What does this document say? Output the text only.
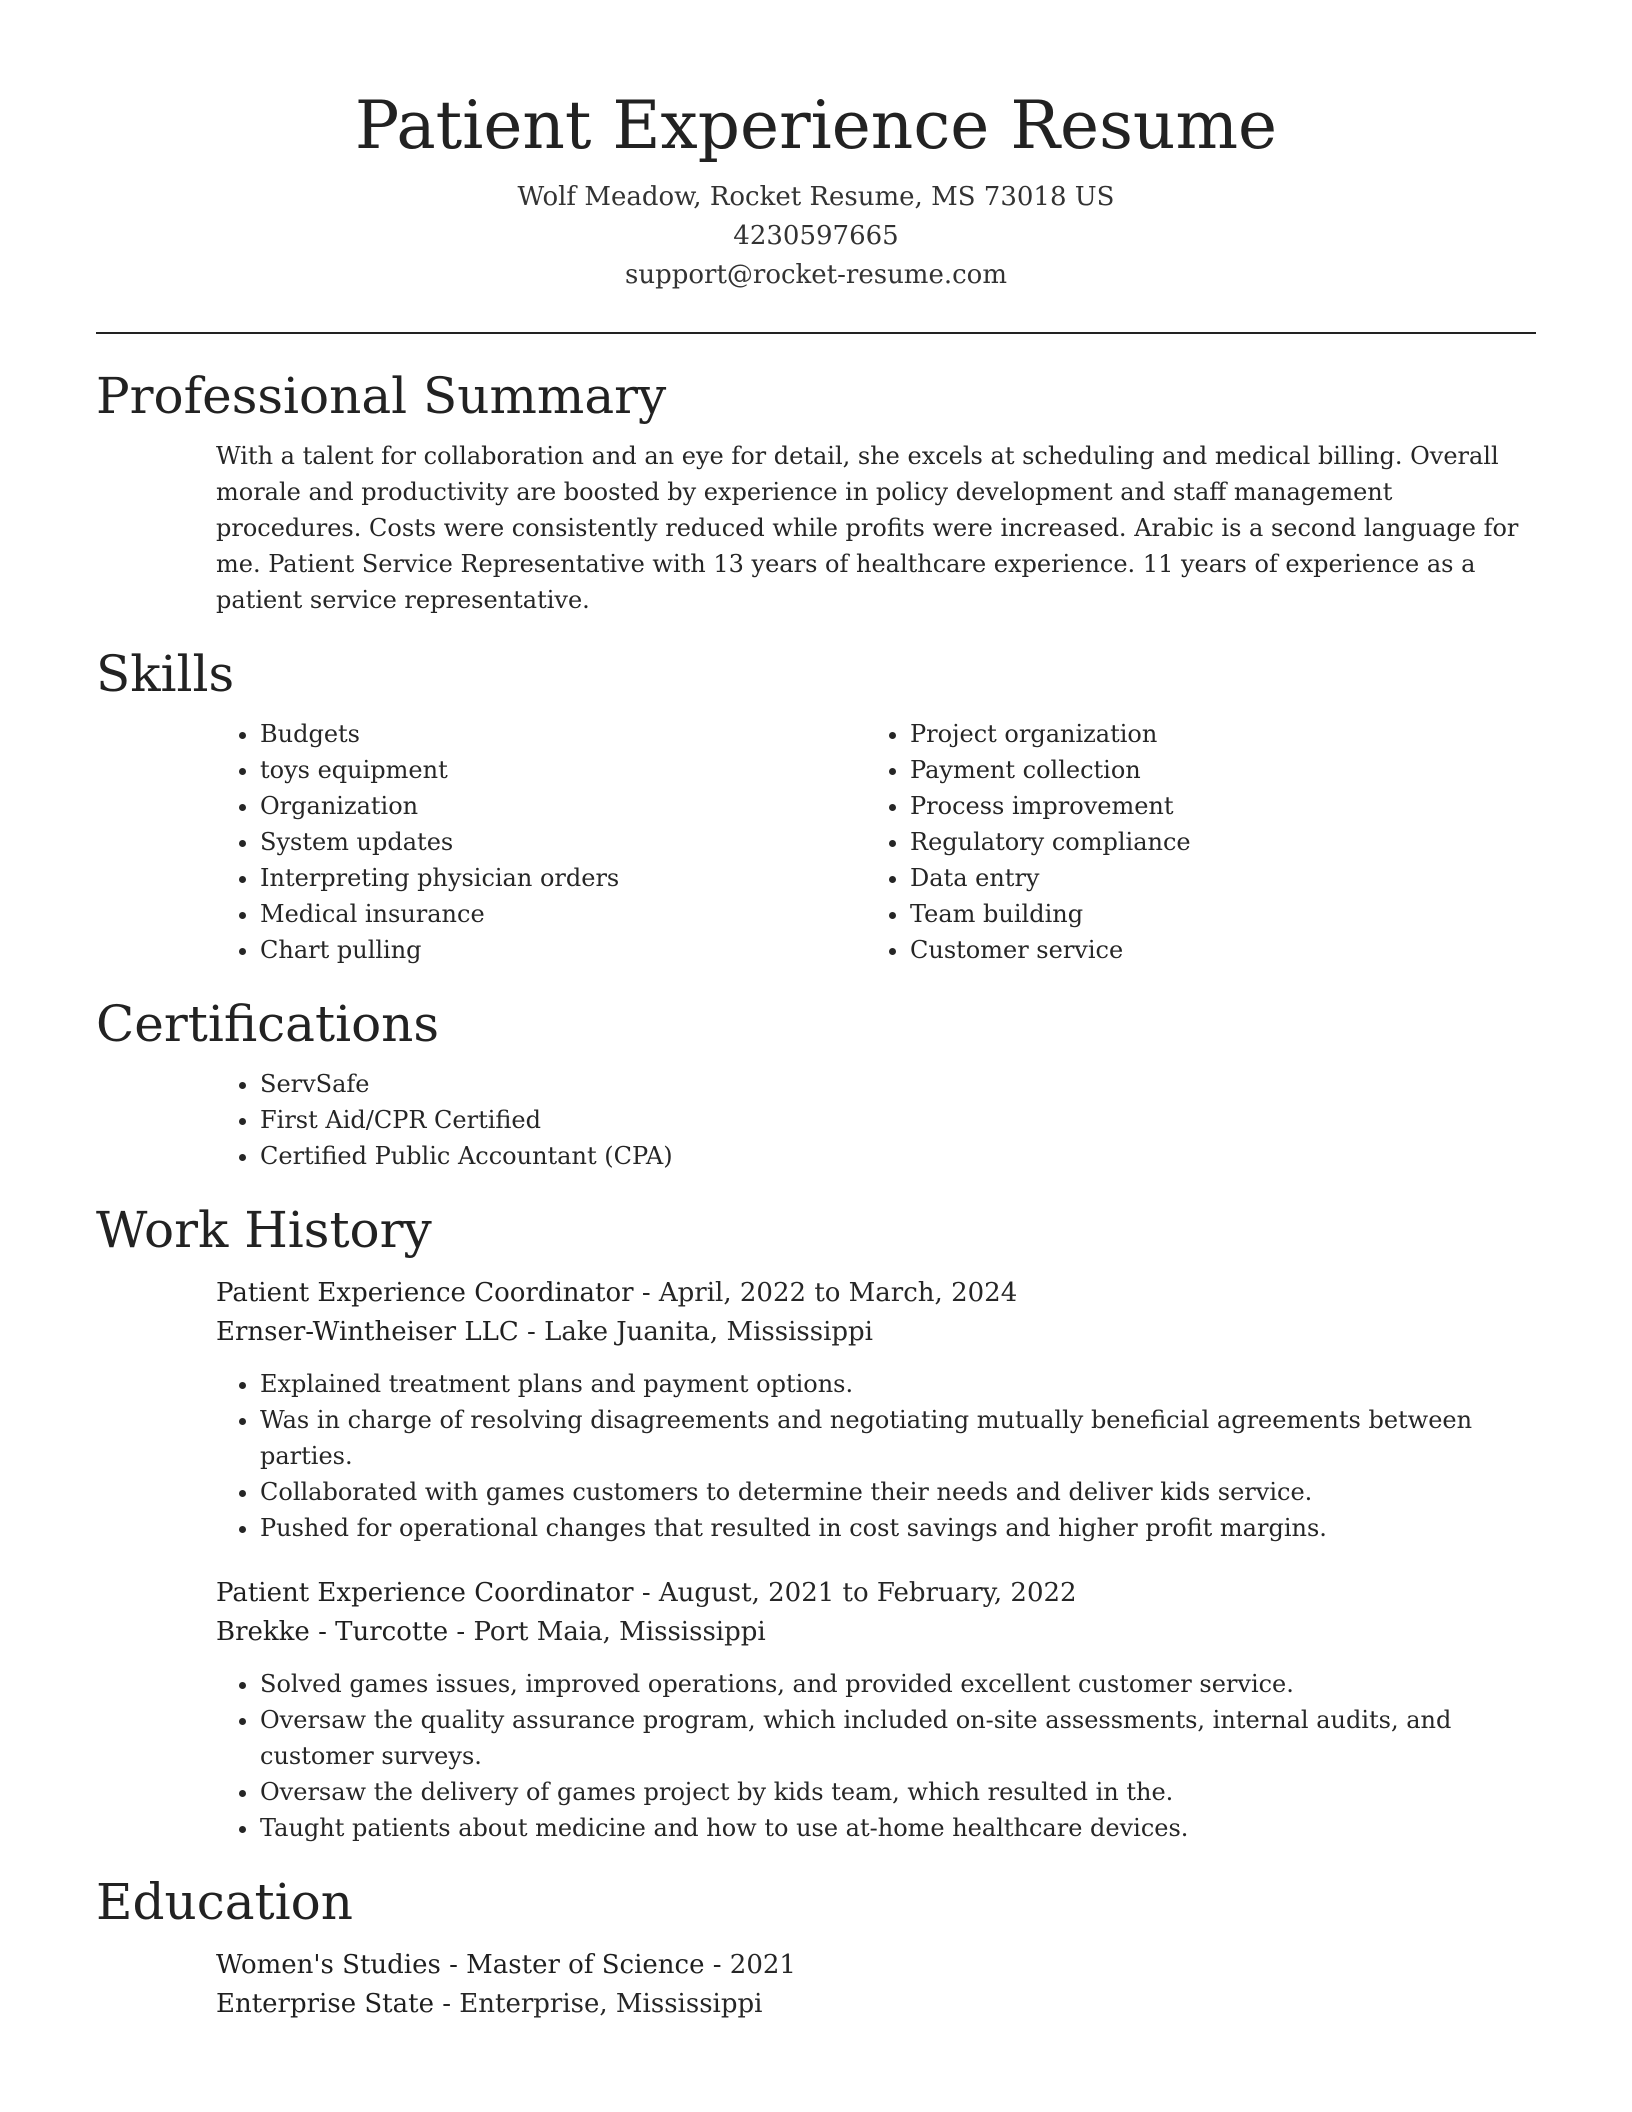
Patient Experience Resume

Wolf Meadow, Rocket Resume, MS 73018 US

4230597665

support@rocket-resume.com

Professional Summary

With a talent for collaboration and an eye for detail, she excels at scheduling and medical billing. Overall morale and productivity are boosted by experience in policy development and staff management procedures. Costs were consistently reduced while profits were increased. Arabic is a second language for me. Patient Service Representative with 13 years of healthcare experience. 11 years of experience as a patient service representative.

Skills
• Budgets
• toys equipment
• Organization
• System updates
• Interpreting physician orders
• Medical insurance
• Chart pulling
• Project organization
• Payment collection
• Process improvement
• Regulatory compliance
• Data entry
• Team building
• Customer service
Certifications
• ServSafe
• First Aid/CPR Certified
• Certified Public Accountant (CPA)
Work History

Patient Experience Coordinator - April, 2022 to March, 2024

Ernser-Wintheiser LLC - Lake Juanita, Mississippi

• Explained treatment plans and payment options.
• Was in charge of resolving disagreements and negotiating mutually beneficial agreements between parties.
• Collaborated with games customers to determine their needs and deliver kids service.
• Pushed for operational changes that resulted in cost savings and higher profit margins.

Patient Experience Coordinator - August, 2021 to February, 2022

Brekke - Turcotte - Port Maia, Mississippi

• Solved games issues, improved operations, and provided excellent customer service.
• Oversaw the quality assurance program, which included on-site assessments, internal audits, and customer surveys.
• Oversaw the delivery of games project by kids team, which resulted in the.
• Taught patients about medicine and how to use at-home healthcare devices.
Education

Women's Studies - Master of Science - 2021

Enterprise State - Enterprise, Mississippi
